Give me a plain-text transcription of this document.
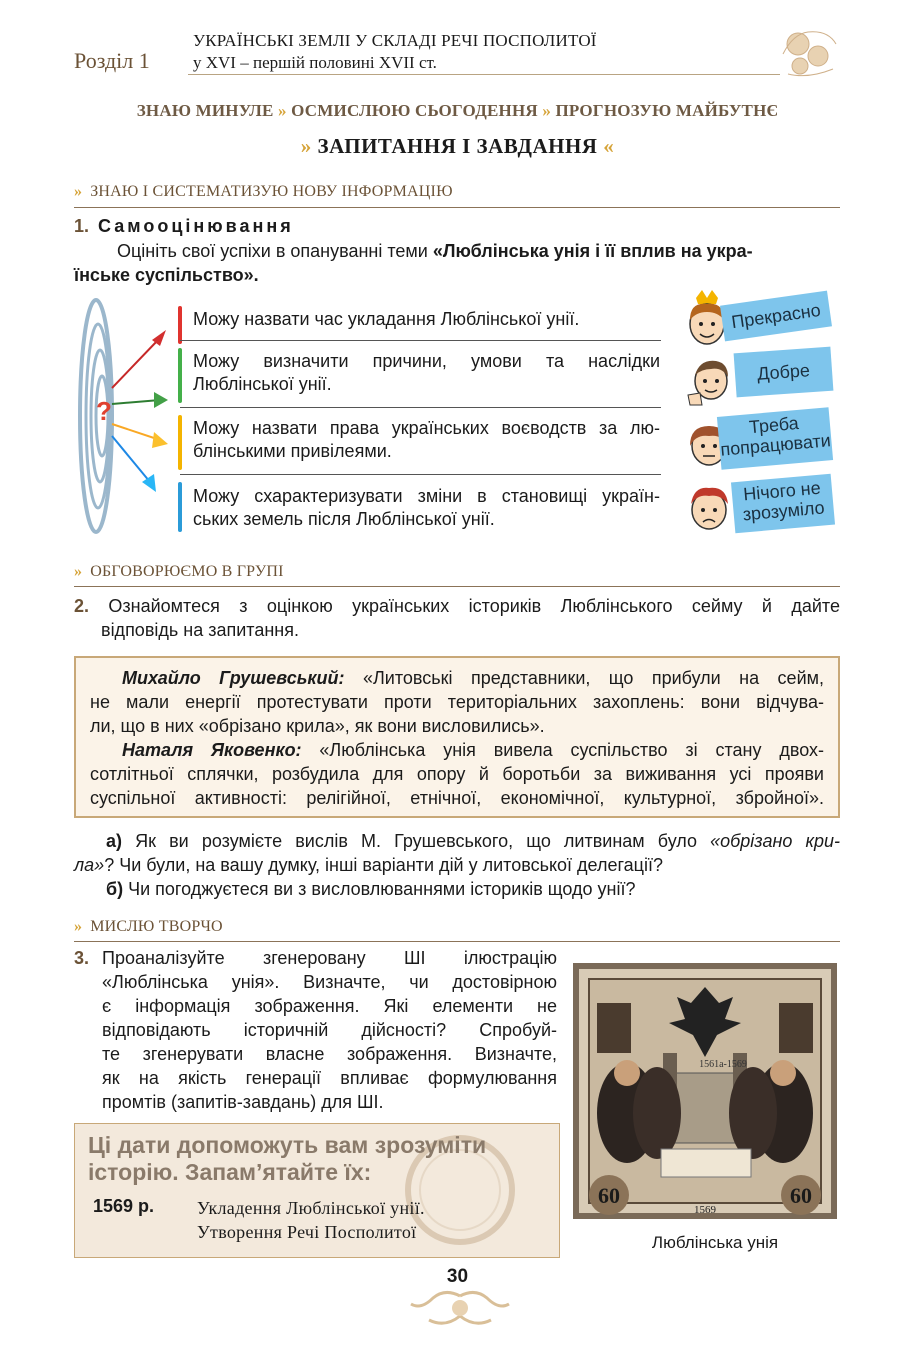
Розділ 1
УКРАЇНСЬКІ ЗЕМЛІ У СКЛАДІ РЕЧІ ПОСПОЛИТОЇ
у XVI – першій половині XVII ст.
ЗНАЮ МИНУЛЕ » ОСМИСЛЮЮ СЬОГОДЕННЯ » ПРОГНОЗУЮ МАЙБУТНЄ
» ЗАПИТАННЯ І ЗАВДАННЯ «
» ЗНАЮ І СИСТЕМАТИЗУЮ НОВУ ІНФОРМАЦІЮ
1. Самооцінювання
Оцініть свої успіхи в опануванні теми «Люблінська унія і її вплив на укра-
їнське суспільство».
?
Можу назвати час укладання Люблінської унії.
Можу визначити причини, умови та наслідки
Люблінської унії.
Можу назвати права українських воєводств за лю-
блінськими привілеями.
Можу схарактеризувати зміни в становищі україн-
ських земель після Люблінської унії.
Прекрасно
Добре
Треба
попрацювати
Нічого не
зрозуміло
» ОБГОВОРЮЄМО В ГРУПІ
2. Ознайомтеся з оцінкою українських істориків Люблінського сейму й дайте
відповідь на запитання.
Михайло Грушевський: «Литовські представники, що прибули на сейм,
не мали енергії протестувати проти територіальних захоплень: вони відчува-
ли, що в них «обрізано крила», як вони висловились».
Наталя Яковенко: «Люблінська унія вивела суспільство зі стану двох-
сотлітньої сплячки, розбудила для опору й боротьби за виживання усі прояви
суспільної активності: релігійної, етнічної, економічної, культурної, збройної».
а) Як ви розумієте вислів М. Грушевського, що литвинам було «обрізано кри-
ла»? Чи були, на вашу думку, інші варіанти дій у литовської делегації?
б) Чи погоджуєтеся ви з висловлюваннями істориків щодо унії?
» МИСЛЮ ТВОРЧО
3. Проаналізуйте згенеровану ШІ ілюстрацію
«Люблінська унія». Визначте, чи достовірною
є інформація зображення. Які елементи не
відповідають історичній дійсності? Спробуй-
те згенерувати власне зображення. Визначте,
як на якість генерації впливає формулювання
промтів (запитів-завдань) для ШІ.
Ці дати допоможуть вам зрозуміти
історію. Запам’ятайте їх:
1569 р. Укладення Люблінської унії.
Утворення Речі Посполитої
1561a-1569
60	60
1569
Люблінська унія
30
